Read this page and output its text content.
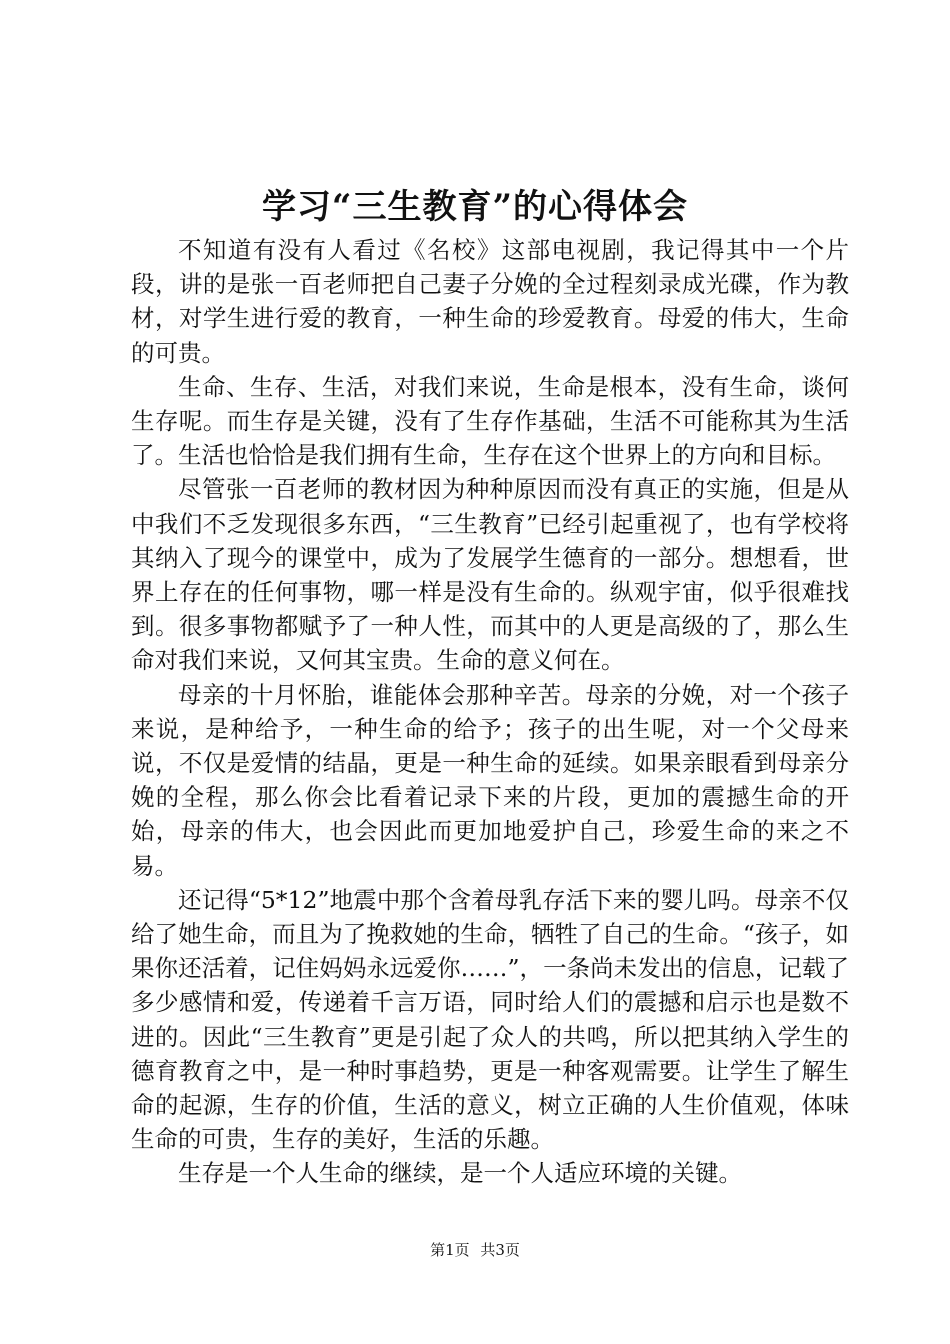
学习“三生教育”的心得体会

不知道有没有人看过《名校》这部电视剧，我记得其中一个片段，讲的是张一百老师把自己妻子分娩的全过程刻录成光碟，作为教材，对学生进行爱的教育，一种生命的珍爱教育。母爱的伟大，生命的可贵。

生命、生存、生活，对我们来说，生命是根本，没有生命，谈何生存呢。而生存是关键，没有了生存作基础，生活不可能称其为生活了。生活也恰恰是我们拥有生命，生存在这个世界上的方向和目标。

尽管张一百老师的教材因为种种原因而没有真正的实施，但是从中我们不乏发现很多东西，“三生教育”已经引起重视了，也有学校将其纳入了现今的课堂中，成为了发展学生德育的一部分。想想看，世界上存在的任何事物，哪一样是没有生命的。纵观宇宙，似乎很难找到。很多事物都赋予了一种人性，而其中的人更是高级的了，那么生命对我们来说，又何其宝贵。生命的意义何在。

母亲的十月怀胎，谁能体会那种辛苦。母亲的分娩，对一个孩子来说，是种给予，一种生命的给予；孩子的出生呢，对一个父母来说，不仅是爱情的结晶，更是一种生命的延续。如果亲眼看到母亲分娩的全程，那么你会比看着记录下来的片段，更加的震撼生命的开始，母亲的伟大，也会因此而更加地爱护自己，珍爱生命的来之不易。

还记得“5*12”地震中那个含着母乳存活下来的婴儿吗。母亲不仅给了她生命，而且为了挽救她的生命，牺牲了自己的生命。“孩子，如果你还活着，记住妈妈永远爱你……”，一条尚未发出的信息，记载了多少感情和爱，传递着千言万语，同时给人们的震撼和启示也是数不进的。因此“三生教育”更是引起了众人的共鸣，所以把其纳入学生的德育教育之中，是一种时事趋势，更是一种客观需要。让学生了解生命的起源，生存的价值，生活的意义，树立正确的人生价值观，体味生命的可贵，生存的美好，生活的乐趣。

生存是一个人生命的继续，是一个人适应环境的关键。

第1页 共3页
